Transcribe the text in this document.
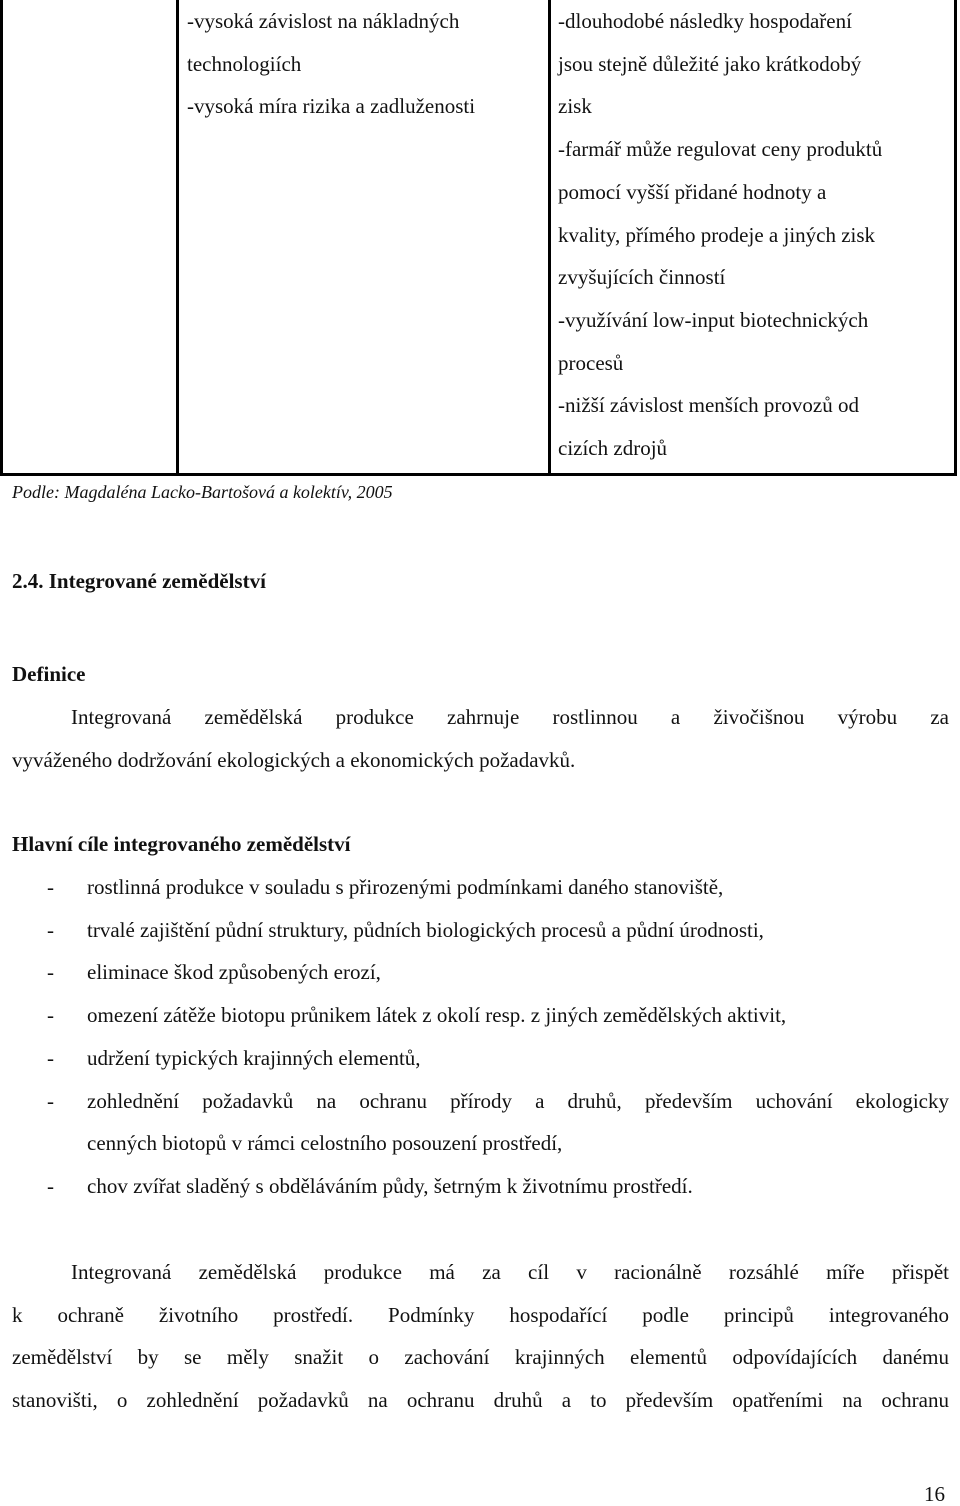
-vysoká závislost na nákladných
technologiích
-vysoká míra rizika a zadluženosti
-dlouhodobé následky hospodaření
jsou stejně důležité jako krátkodobý
zisk
-farmář může regulovat ceny produktů
pomocí vyšší přidané hodnoty a
kvality, přímého prodeje a jiných zisk
zvyšujících činností
-využívání low-input biotechnických
procesů
-nižší závislost menších provozů od
cizích zdrojů
Podle: Magdaléna Lacko-Bartošová a kolektív, 2005
2.4. Integrované zemědělství
Definice
Integrovaná zemědělská produkce zahrnuje rostlinnou a živočišnou výrobu za
vyváženého dodržování ekologických a ekonomických požadavků.
Hlavní cíle integrovaného zemědělství
- rostlinná produkce v souladu s přirozenými podmínkami daného stanoviště,
- trvalé zajištění půdní struktury, půdních biologických procesů a půdní úrodnosti,
- eliminace škod způsobených erozí,
- omezení zátěže biotopu průnikem látek z okolí resp. z jiných zemědělských aktivit,
- udržení typických krajinných elementů,
- zohlednění požadavků na ochranu přírody a druhů, především uchování ekologicky
cenných biotopů v rámci celostního posouzení prostředí,
- chov zvířat sladěný s obděláváním půdy, šetrným k životnímu prostředí.
Integrovaná zemědělská produkce má za cíl v racionálně rozsáhlé míře přispět
k ochraně životního prostředí. Podmínky hospodařící podle principů integrovaného
zemědělství by se měly snažit o zachování krajinných elementů odpovídajících danému
stanovišti, o zohlednění požadavků na ochranu druhů a to především opatřeními na ochranu
16
